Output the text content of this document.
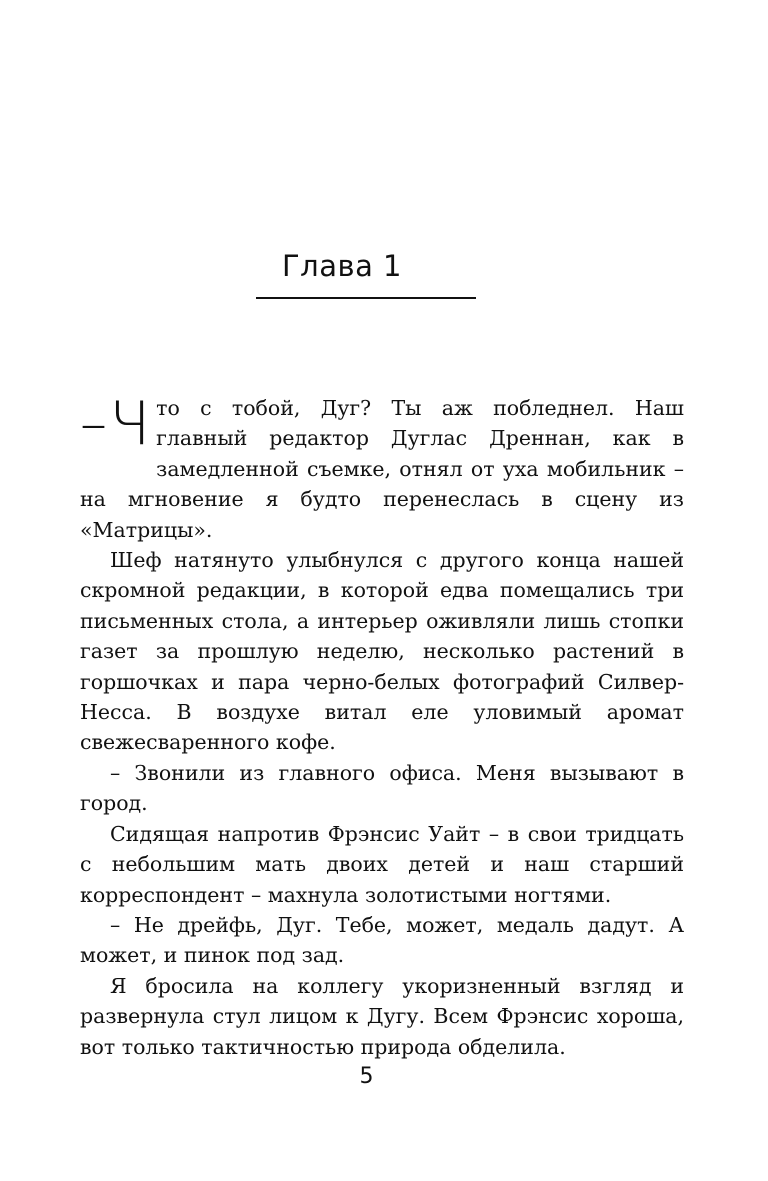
Глава 1

– Ч то с тобой, Дуг? Ты аж побледнел. Наш главный редактор Дуглас Дреннан, как в замедленной съемке, отнял от уха мобильник – на мгновение я будто перенеслась в сцену из «Матрицы».

Шеф натянуто улыбнулся с другого конца нашей скромной редакции, в которой едва помещались три письменных стола, а интерьер оживляли лишь стопки газет за прошлую неделю, несколько растений в горшочках и пара черно-белых фотографий Силвер-Несса. В воздухе витал еле уловимый аромат свежесваренного кофе.

– Звонили из главного офиса. Меня вызывают в город.

Сидящая напротив Фрэнсис Уайт – в свои тридцать с небольшим мать двоих детей и наш старший корреспондент – махнула золотистыми ногтями.

– Не дрейфь, Дуг. Тебе, может, медаль дадут. А может, и пинок под зад.

Я бросила на коллегу укоризненный взгляд и развернула стул лицом к Дугу. Всем Фрэнсис хороша, вот только тактичностью природа обделила.

5
